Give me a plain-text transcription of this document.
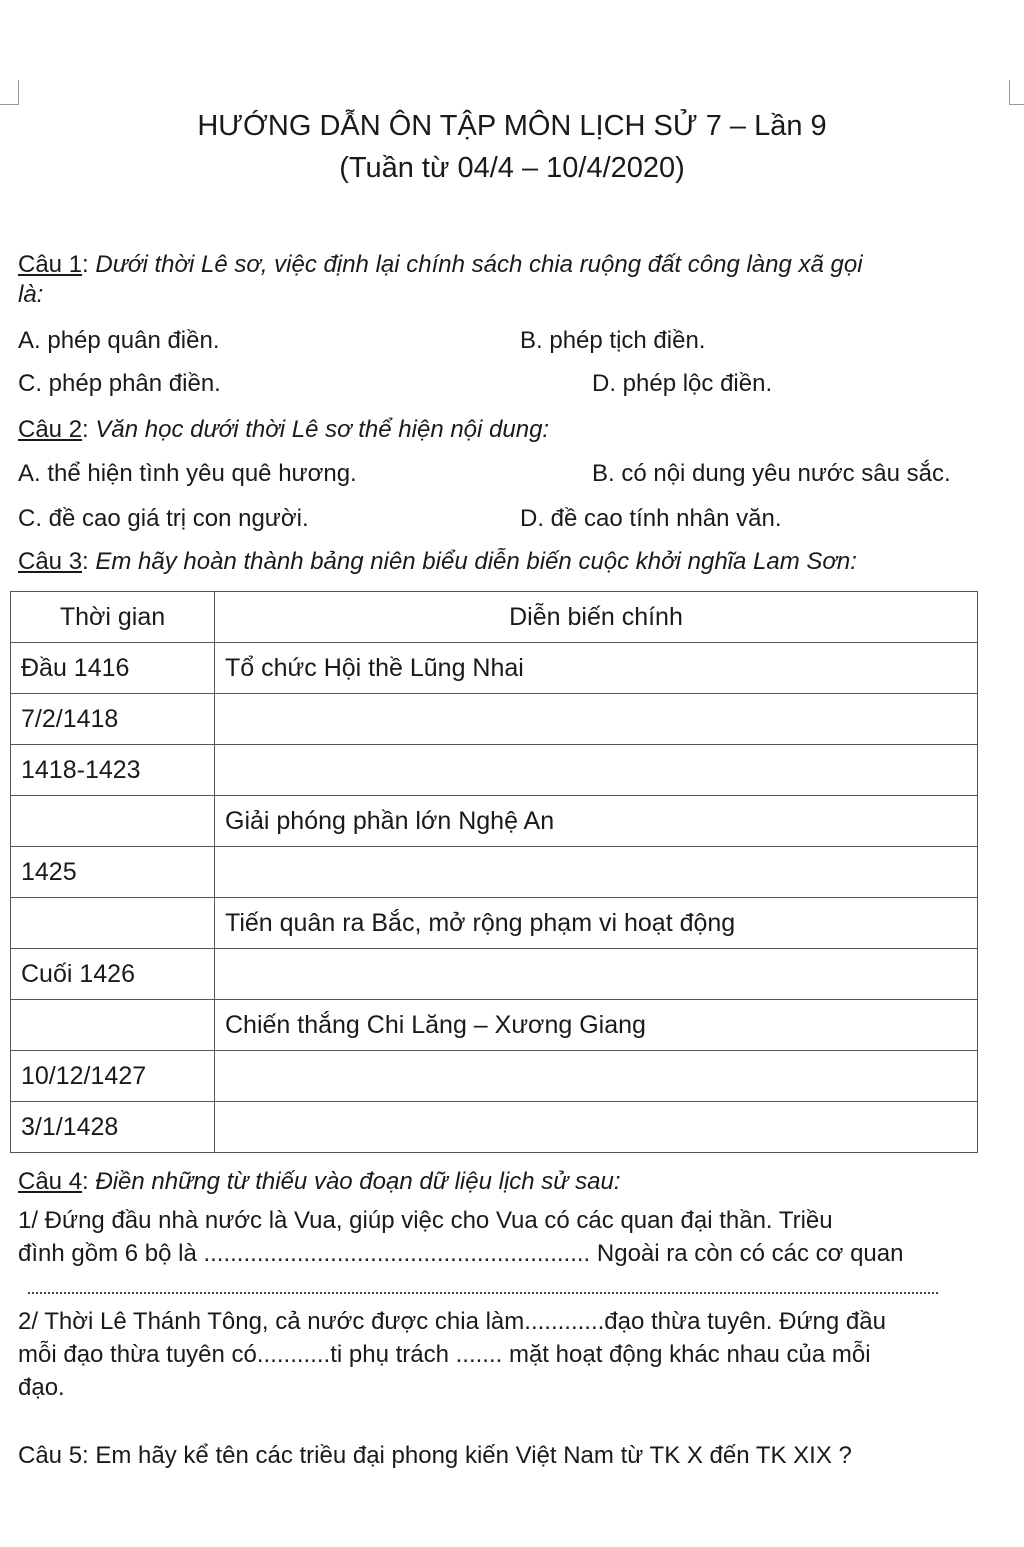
HƯỚNG DẪN ÔN TẬP MÔN LỊCH SỬ 7 – Lần 9
(Tuần từ 04/4 – 10/4/2020)
Câu 1: Dưới thời Lê sơ, việc định lại chính sách chia ruộng đất công làng xã gọi
là:
A. phép quân điền.	B. phép tịch điền.
C. phép phân điền.	D. phép lộc điền.
Câu 2: Văn học dưới thời Lê sơ thể hiện nội dung:
A. thể hiện tình yêu quê hương.	B. có nội dung yêu nước sâu sắc.
C. đề cao giá trị con người.	D. đề cao tính nhân văn.
Câu 3: Em hãy hoàn thành bảng niên biểu diễn biến cuộc khởi nghĩa Lam Sơn:
Thời gian	Diễn biến chính
Đầu 1416	Tổ chức Hội thề Lũng Nhai
7/2/1418	
1418-1423	
	Giải phóng phần lớn Nghệ An
1425	
	Tiến quân ra Bắc, mở rộng phạm vi hoạt động
Cuối 1426	
	Chiến thắng Chi Lăng – Xương Giang
10/12/1427	
3/1/1428	
Câu 4: Điền những từ thiếu vào đoạn dữ liệu lịch sử sau:
1/ Đứng đầu nhà nước là Vua, giúp việc cho Vua có các quan đại thần. Triều
đình gồm 6 bộ là .......................................................... Ngoài ra còn có các cơ quan
2/ Thời Lê Thánh Tông, cả nước được chia làm............đạo thừa tuyên. Đứng đầu
mỗi đạo thừa tuyên có...........ti phụ trách ....... mặt hoạt động khác nhau của mỗi
đạo.
Câu 5: Em hãy kể tên các triều đại phong kiến Việt Nam từ TK X đến TK XIX ?
